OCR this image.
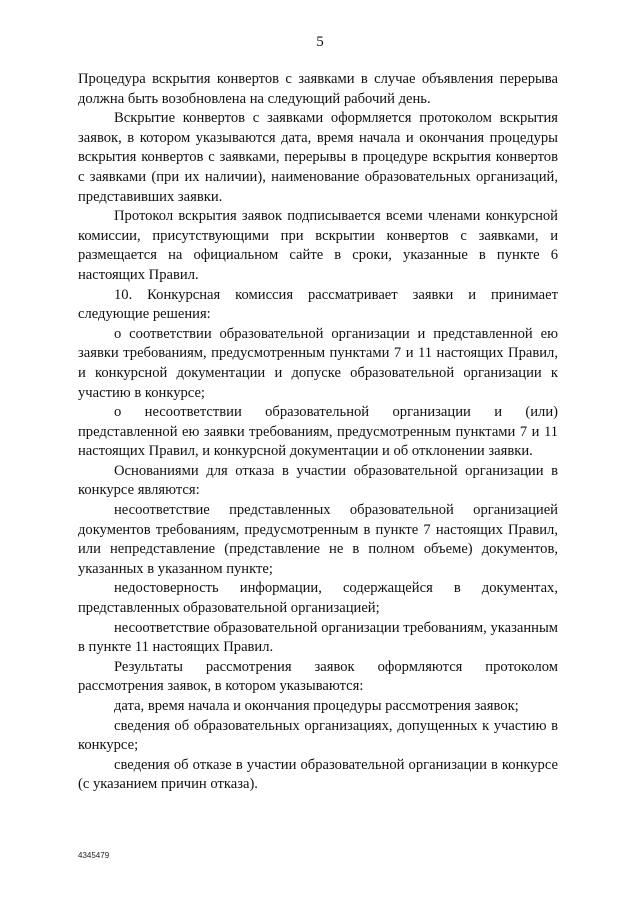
5

Процедура вскрытия конвертов с заявками в случае объявления перерыва должна быть возобновлена на следующий рабочий день.

Вскрытие конвертов с заявками оформляется протоколом вскрытия заявок, в котором указываются дата, время начала и окончания процедуры вскрытия конвертов с заявками, перерывы в процедуре вскрытия конвертов с заявками (при их наличии), наименование образовательных организаций, представивших заявки.

Протокол вскрытия заявок подписывается всеми членами конкурсной комиссии, присутствующими при вскрытии конвертов с заявками, и размещается на официальном сайте в сроки, указанные в пункте 6 настоящих Правил.

10. Конкурсная комиссия рассматривает заявки и принимает следующие решения:

о соответствии образовательной организации и представленной ею заявки требованиям, предусмотренным пунктами 7 и 11 настоящих Правил, и конкурсной документации и допуске образовательной организации к участию в конкурсе;

о несоответствии образовательной организации и (или) представленной ею заявки требованиям, предусмотренным пунктами 7 и 11 настоящих Правил, и конкурсной документации и об отклонении заявки.

Основаниями для отказа в участии образовательной организации в конкурсе являются:

несоответствие представленных образовательной организацией документов требованиям, предусмотренным в пункте 7 настоящих Правил, или непредставление (представление не в полном объеме) документов, указанных в указанном пункте;

недостоверность информации, содержащейся в документах, представленных образовательной организацией;

несоответствие образовательной организации требованиям, указанным в пункте 11 настоящих Правил.

Результаты рассмотрения заявок оформляются протоколом рассмотрения заявок, в котором указываются:

дата, время начала и окончания процедуры рассмотрения заявок;

сведения об образовательных организациях, допущенных к участию в конкурсе;

сведения об отказе в участии образовательной организации в конкурсе (с указанием причин отказа).

4345479
